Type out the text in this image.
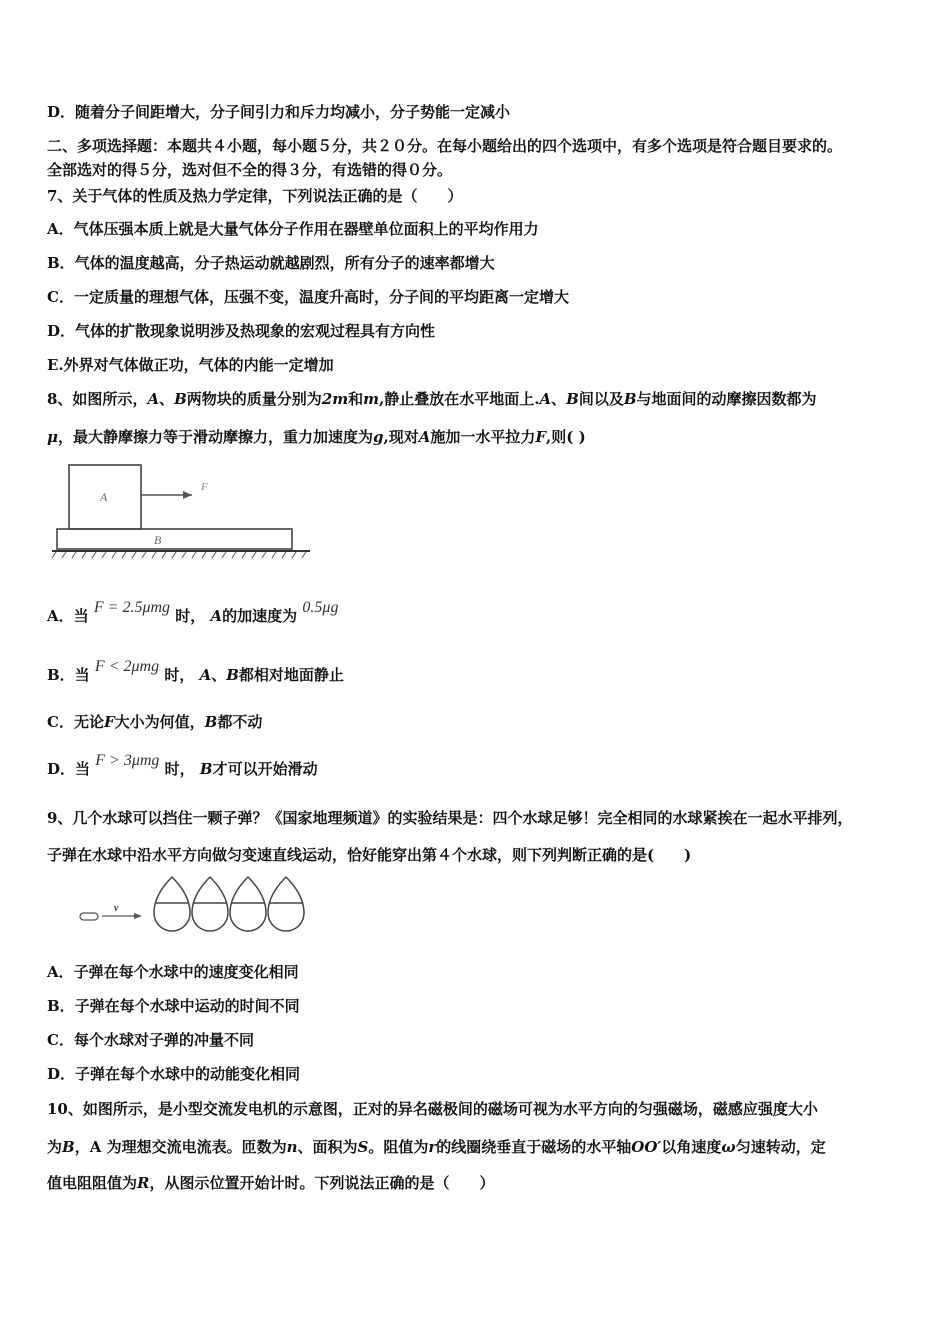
D．随着分子间距增大，分子间引力和斥力均减小，分子势能一定减小
二、多项选择题：本题共４小题，每小题５分，共２０分。在每小题给出的四个选项中，有多个选项是符合题目要求的。
全部选对的得５分，选对但不全的得３分，有选错的得０分。
7、关于气体的性质及热力学定律，下列说法正确的是（　　）
A．气体压强本质上就是大量气体分子作用在器壁单位面积上的平均作用力
B．气体的温度越高，分子热运动就越剧烈，所有分子的速率都增大
C．一定质量的理想气体，压强不变，温度升高时，分子间的平均距离一定增大
D．气体的扩散现象说明涉及热现象的宏观过程具有方向性
E.外界对气体做正功，气体的内能一定增加
8、如图所示，A、B两物块的质量分别为2m和m,静止叠放在水平地面上.A、B间以及B与地面间的动摩擦因数都为
μ，最大静摩擦力等于滑动摩擦力，重力加速度为g,现对A施加一水平拉力F,则( )
A
B
F
A．当 F = 2.5μmg 时， A的加速度为 0.5μg
B．当 F < 2μmg 时， A、B都相对地面静止
C．无论F大小为何值，B都不动
D．当 F > 3μmg 时， B才可以开始滑动
9、几个水球可以挡住一颗子弹？《国家地理频道》的实验结果是：四个水球足够！完全相同的水球紧挨在一起水平排列，
子弹在水球中沿水平方向做匀变速直线运动，恰好能穿出第４个水球，则下列判断正确的是(　　)
v
A．子弹在每个水球中的速度变化相同
B．子弹在每个水球中运动的时间不同
C．每个水球对子弹的冲量不同
D．子弹在每个水球中的动能变化相同
10、如图所示，是小型交流发电机的示意图，正对的异名磁极间的磁场可视为水平方向的匀强磁场，磁感应强度大小
为B，A 为理想交流电流表。匝数为n、面积为S。阻值为r的线圈绕垂直于磁场的水平轴OO′以角速度ω匀速转动，定
值电阻阻值为R，从图示位置开始计时。下列说法正确的是（　　）
